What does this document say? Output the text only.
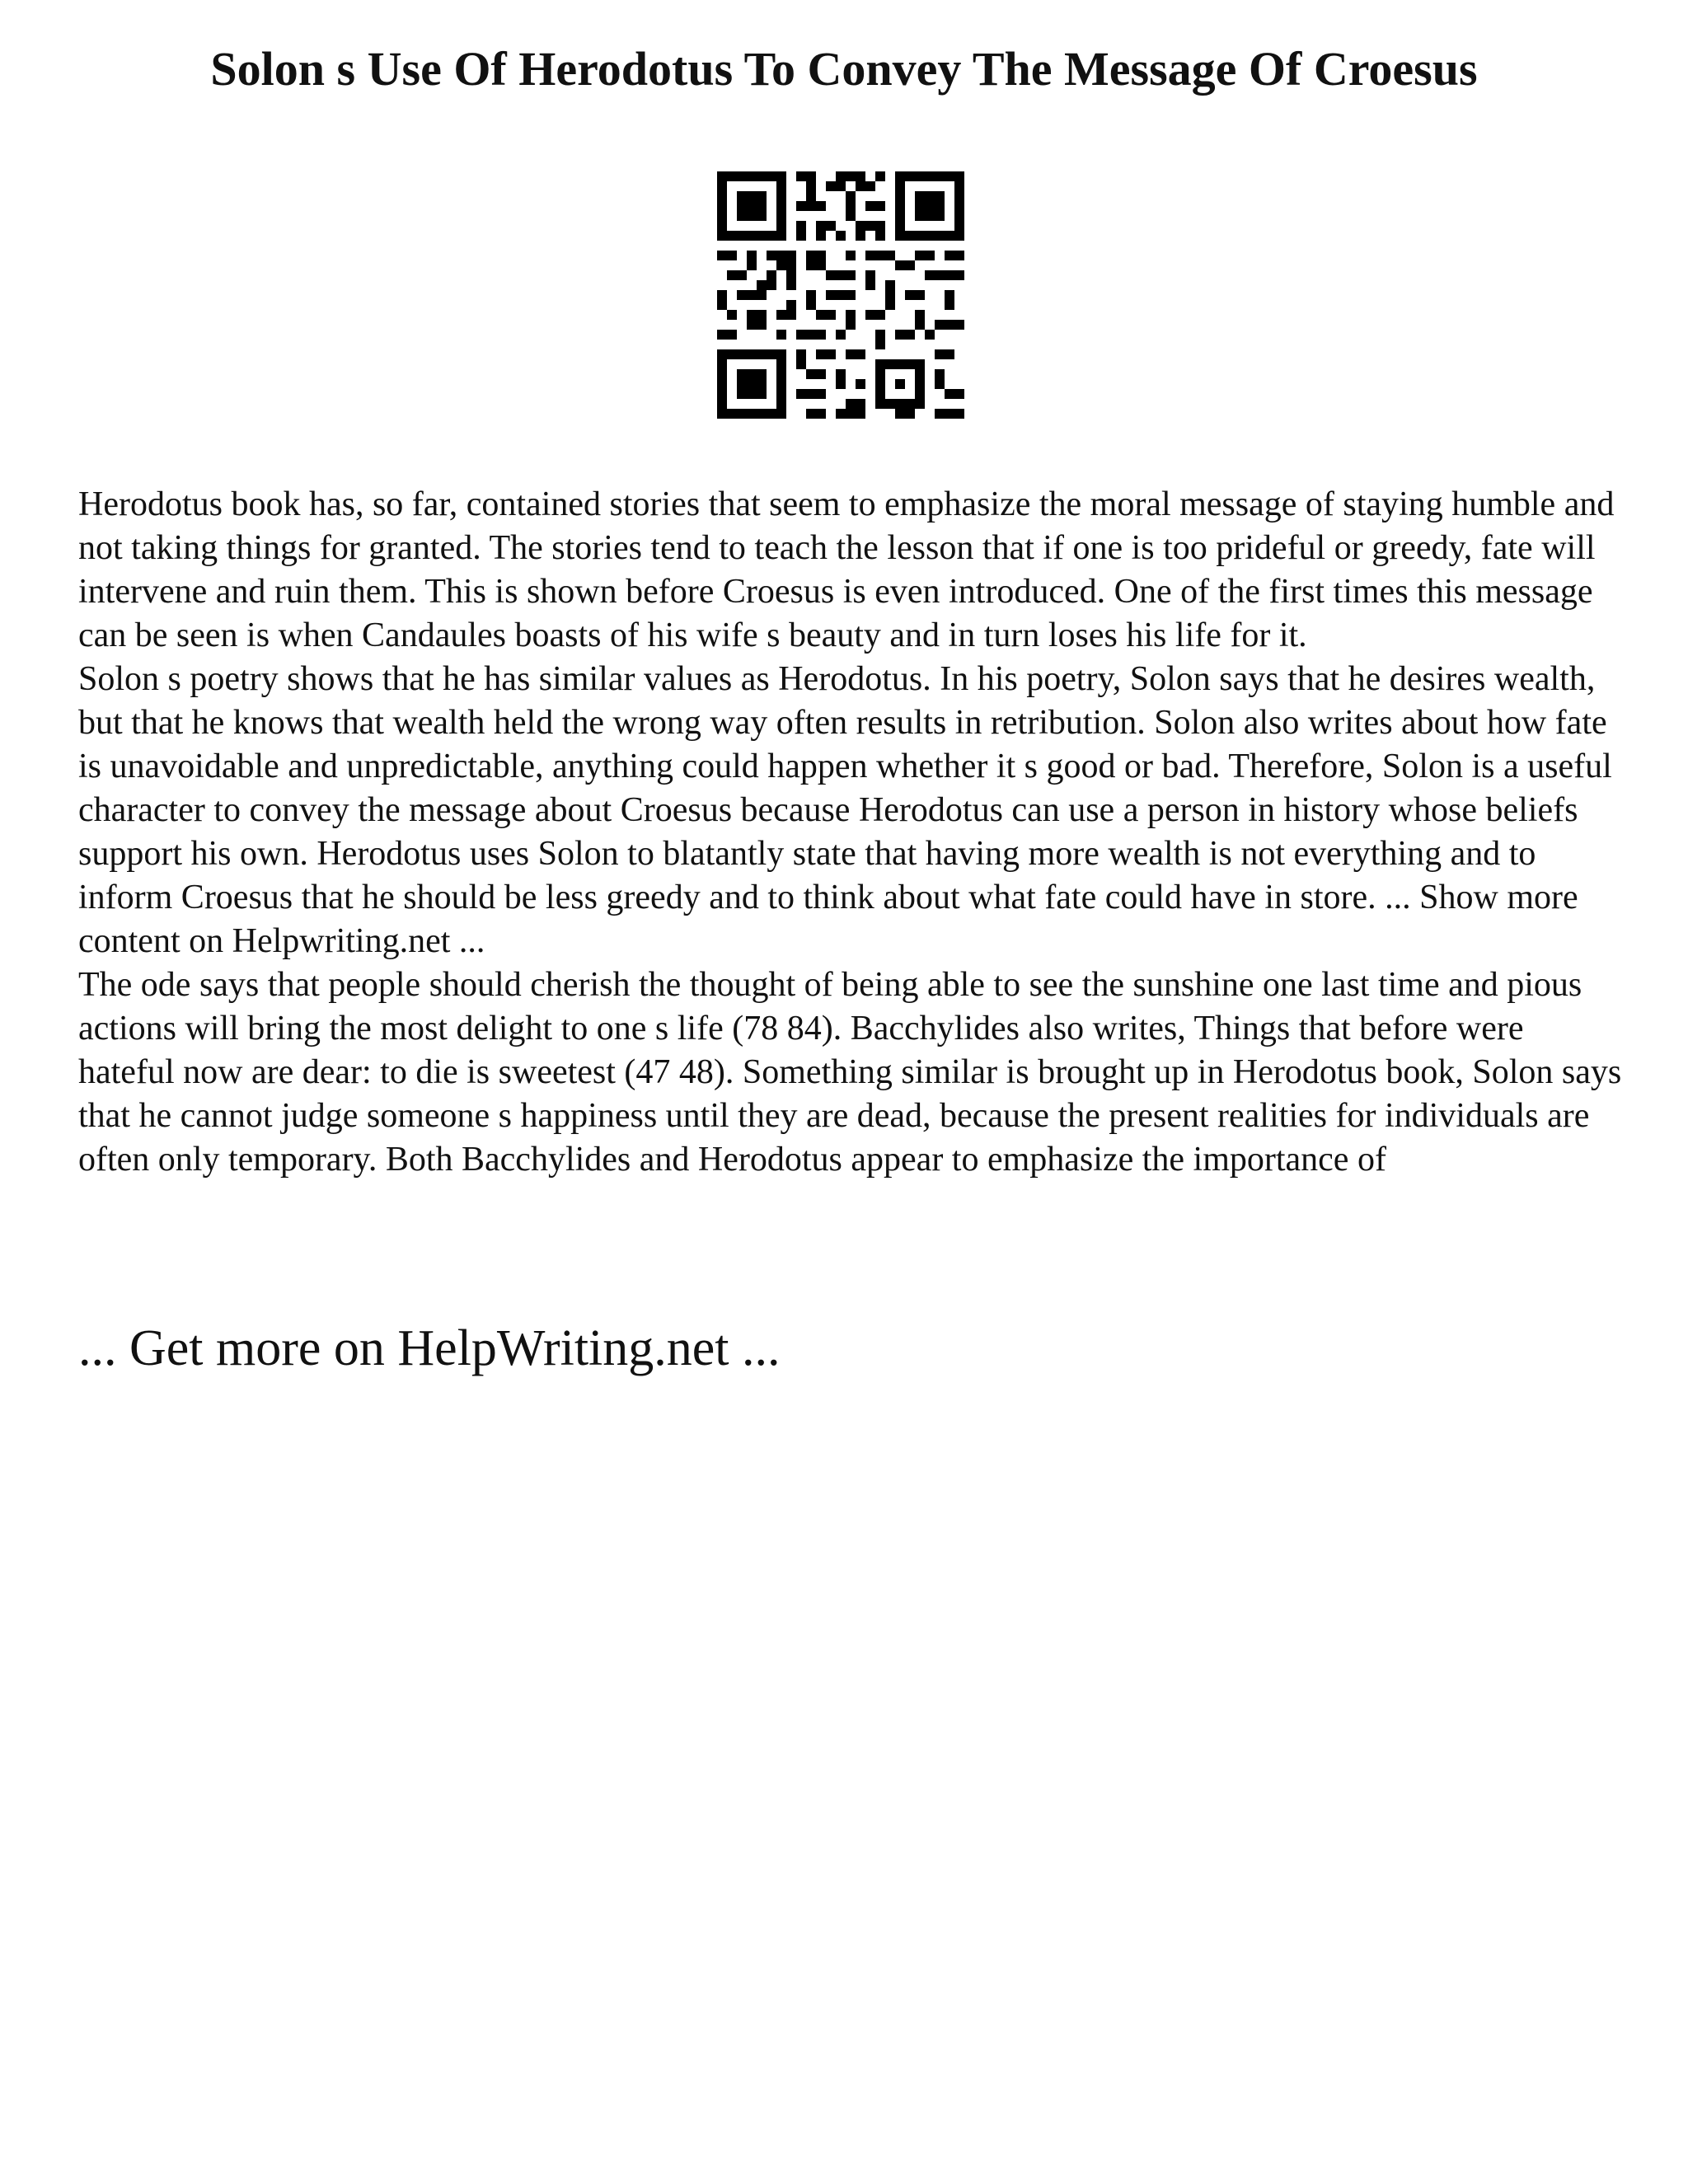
Solon s Use Of Herodotus To Convey The Message Of Croesus

Herodotus book has, so far, contained stories that seem to emphasize the moral message of staying humble and not taking things for granted. The stories tend to teach the lesson that if one is too prideful or greedy, fate will intervene and ruin them. This is shown before Croesus is even introduced. One of the first times this message can be seen is when Candaules boasts of his wife s beauty and in turn loses his life for it.

Solon s poetry shows that he has similar values as Herodotus. In his poetry, Solon says that he desires wealth, but that he knows that wealth held the wrong way often results in retribution. Solon also writes about how fate is unavoidable and unpredictable, anything could happen whether it s good or bad. Therefore, Solon is a useful character to convey the message about Croesus because Herodotus can use a person in history whose beliefs support his own. Herodotus uses Solon to blatantly state that having more wealth is not everything and to inform Croesus that he should be less greedy and to think about what fate could have in store. ... Show more content on Helpwriting.net ...

The ode says that people should cherish the thought of being able to see the sunshine one last time and pious actions will bring the most delight to one s life (78 84). Bacchylides also writes, Things that before were hateful now are dear: to die is sweetest (47 48). Something similar is brought up in Herodotus book, Solon says that he cannot judge someone s happiness until they are dead, because the present realities for individuals are often only temporary. Both Bacchylides and Herodotus appear to emphasize the importance of

... Get more on HelpWriting.net ...
